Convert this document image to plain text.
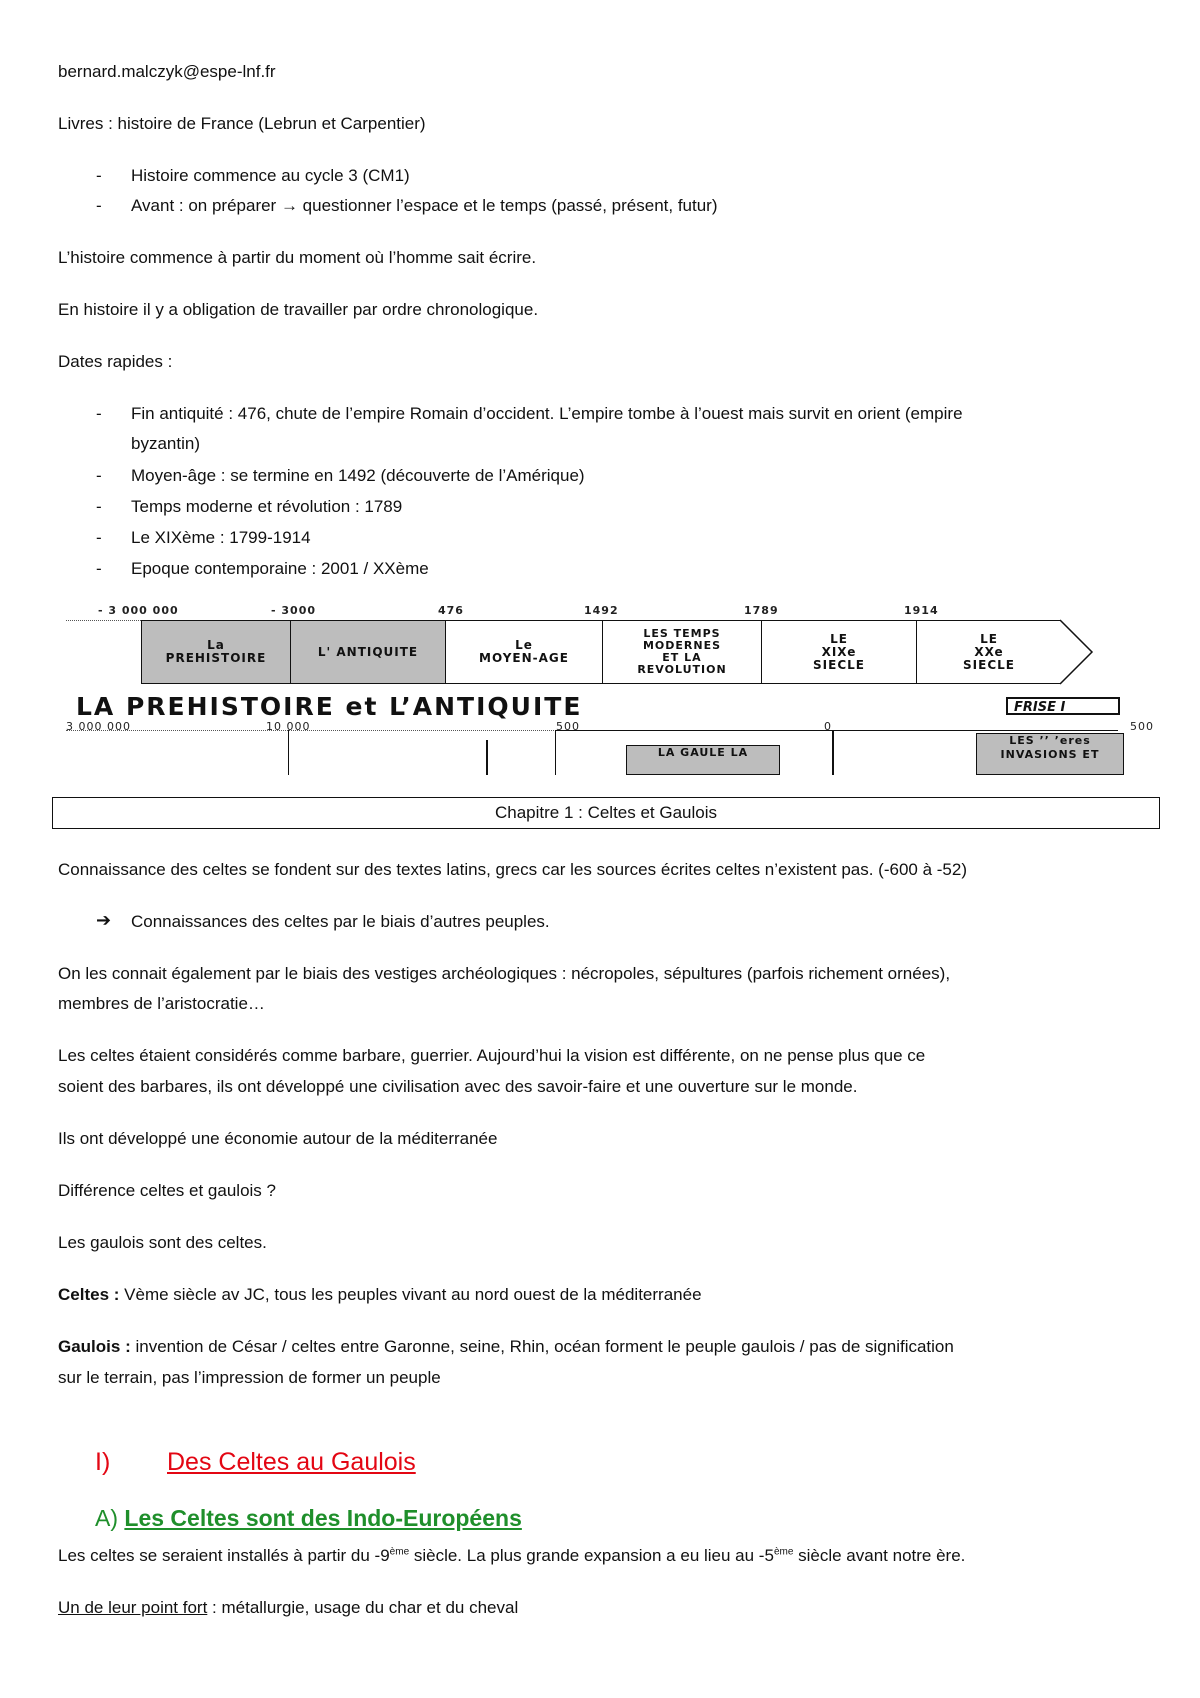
bernard.malczyk@espe-lnf.fr
Livres : histoire de France (Lebrun et Carpentier)
- Histoire commence au cycle 3 (CM1)
- Avant : on préparer → questionner l’espace et le temps (passé, présent, futur)
L’histoire commence à partir du moment où l’homme sait écrire.
En histoire il y a obligation de travailler par ordre chronologique.
Dates rapides :
- Fin antiquité : 476, chute de l’empire Romain d’occident. L’empire tombe à l’ouest mais survit en orient (empire
byzantin)
- Moyen-âge : se termine en 1492 (découverte de l’Amérique)
- Temps moderne et révolution : 1789
- Le XIXème : 1799-1914
- Epoque contemporaine : 2001 / XXème
- 3 000 000	- 3000	476	1492	1789	1914
La
PREHISTOIRE	L' ANTIQUITE	Le
MOYEN-AGE
LES TEMPS
MODERNES
ET LA
REVOLUTION
LE
XIXe
SIECLE
LE
XXe
SIECLE
LA PREHISTOIRE et L’ANTIQUITE	FRISE I
3 000 000	10 000	500	0	500
LA GAULE LA
LES ’’ ’eres
INVASIONS ET
Chapitre 1 : Celtes et Gaulois
Connaissance des celtes se fondent sur des textes latins, grecs car les sources écrites celtes n’existent pas. (-600 à -52)
➔ Connaissances des celtes par le biais d’autres peuples.
On les connait également par le biais des vestiges archéologiques : nécropoles, sépultures (parfois richement ornées),
membres de l’aristocratie…
Les celtes étaient considérés comme barbare, guerrier. Aujourd’hui la vision est différente, on ne pense plus que ce
soient des barbares, ils ont développé une civilisation avec des savoir-faire et une ouverture sur le monde.
Ils ont développé une économie autour de la méditerranée
Différence celtes et gaulois ?
Les gaulois sont des celtes.
Celtes : Vème siècle av JC, tous les peuples vivant au nord ouest de la méditerranée
Gaulois : invention de César / celtes entre Garonne, seine, Rhin, océan forment le peuple gaulois / pas de signification
sur le terrain, pas l’impression de former un peuple
I) Des Celtes au Gaulois
A) Les Celtes sont des Indo-Européens
Les celtes se seraient installés à partir du -9ème siècle. La plus grande expansion a eu lieu au -5ème siècle avant notre ère.
Un de leur point fort : métallurgie, usage du char et du cheval
